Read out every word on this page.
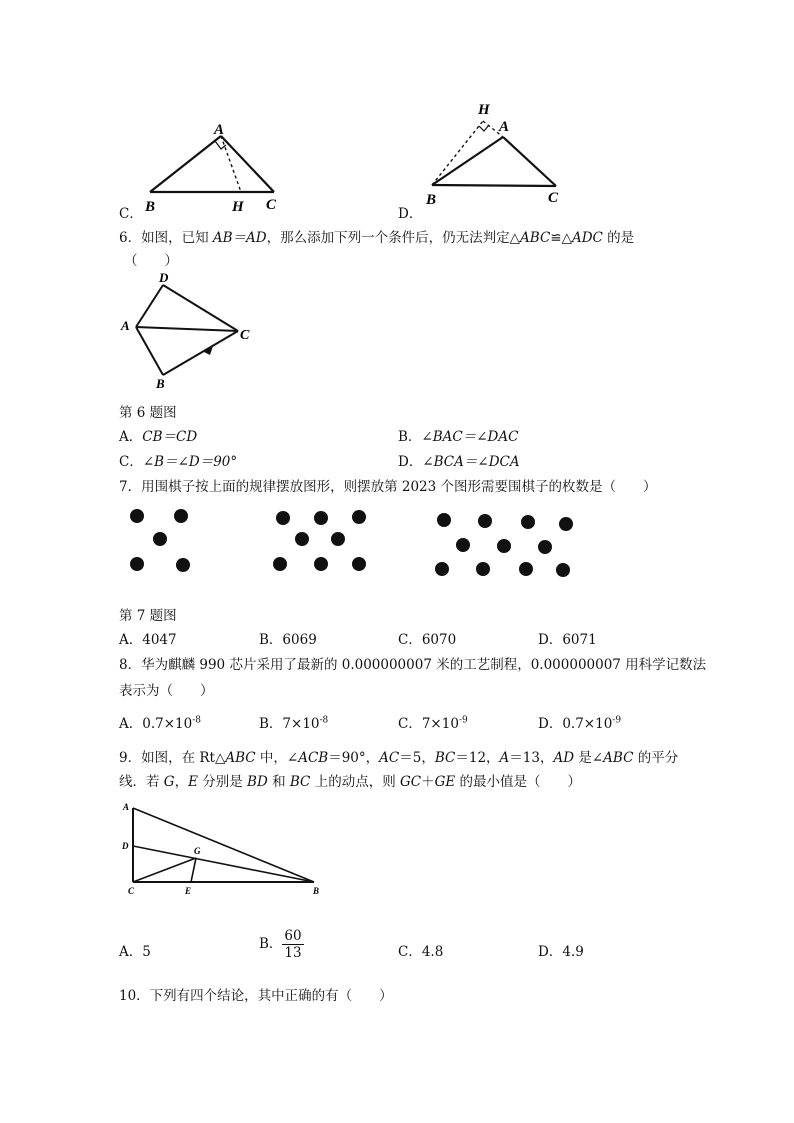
A
B	H C
C．
H
A
B	C
D．
6．如图，已知 AB＝AD，那么添加下列一个条件后，仍无法判定△ABC≌△ADC 的是
（　　）
D
A
C
B
第 6 题图
A．CB＝CD	B．∠BAC＝∠DAC
C．∠B＝∠D＝90°	D．∠BCA＝∠DCA
7．用围棋子按上面的规律摆放图形，则摆放第 2023 个图形需要围棋子的枚数是（　　）
第 7 题图
A．4047	B．6069	C．6070	D．6071
8．华为麒麟 990 芯片采用了最新的 0.000000007 米的工艺制程，0.000000007 用科学记数法
表示为（　　）
A．$0.7\times 10^{-8}$	B．$7\times 10^{-8}$	C．$7\times 10^{-9}$	D．$0.7\times 10^{-9}$
9．如图，在 Rt△ABC 中，∠ACB＝90°，AC＝5，BC＝12，A＝13，AD 是∠ABC 的平分
线．若 G，E 分别是 BD 和 BC 上的动点，则 GC＋GE 的最小值是（　　）
A
D	G
C	E	B
A．5	B． $\frac{60}{13}$	C．4.8	D．4.9
10．下列有四个结论，其中正确的有（　　）
